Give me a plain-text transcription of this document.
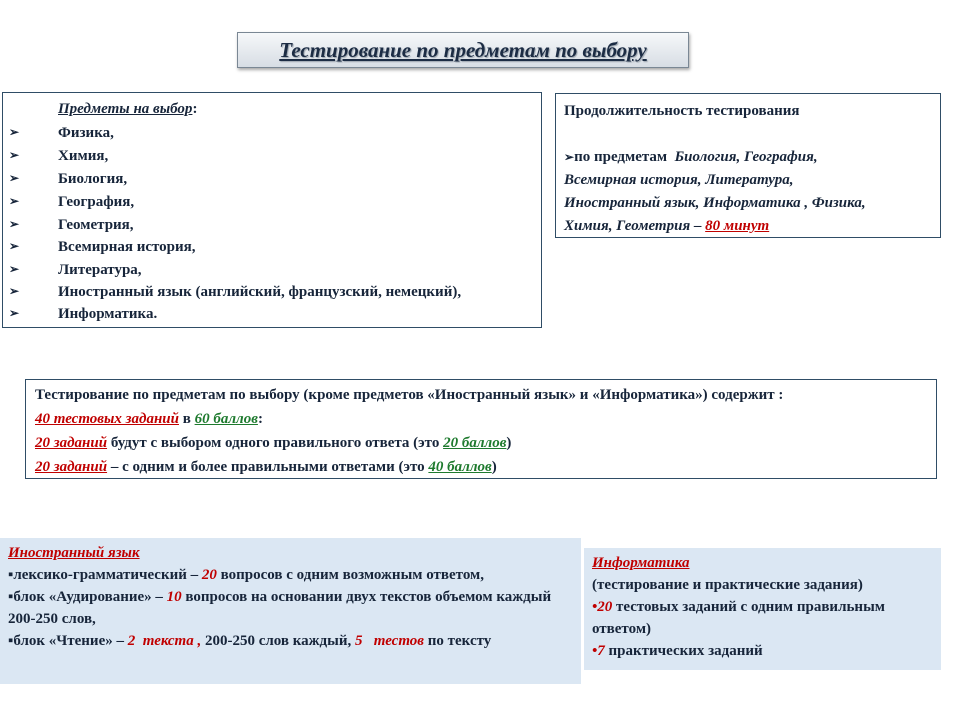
Тестирование по предметам по выбору
Предметы на выбор:
➢	Физика,
➢	Химия,
➢	Биология,
➢	География,
➢	Геометрия,
➢	Всемирная история,
➢	Литература,
➢	Иностранный язык (английский, французский, немецкий),
➢	Информатика.
Продолжительность тестирования

➢по предметам Биология, География,
Всемирная история, Литература,
Иностранный язык, Информатика , Физика,
Химия, Геометрия – 80 минут
Тестирование по предметам по выбору (кроме предметов «Иностранный язык» и «Информатика») содержит :
40 тестовых заданий в 60 баллов:
20 заданий будут с выбором одного правильного ответа (это 20 баллов)
20 заданий – с одним и более правильными ответами (это 40 баллов)
Иностранный язык
▪лексико-грамматический – 20 вопросов с одним возможным ответом,
▪блок «Аудирование» – 10 вопросов на основании двух текстов объемом каждый 200-250 слов,
▪блок «Чтение» – 2 текста , 200-250 слов каждый, 5 тестов по тексту
Информатика
(тестирование и практические задания)
•20 тестовых заданий с одним правильным ответом)
•7 практических заданий
